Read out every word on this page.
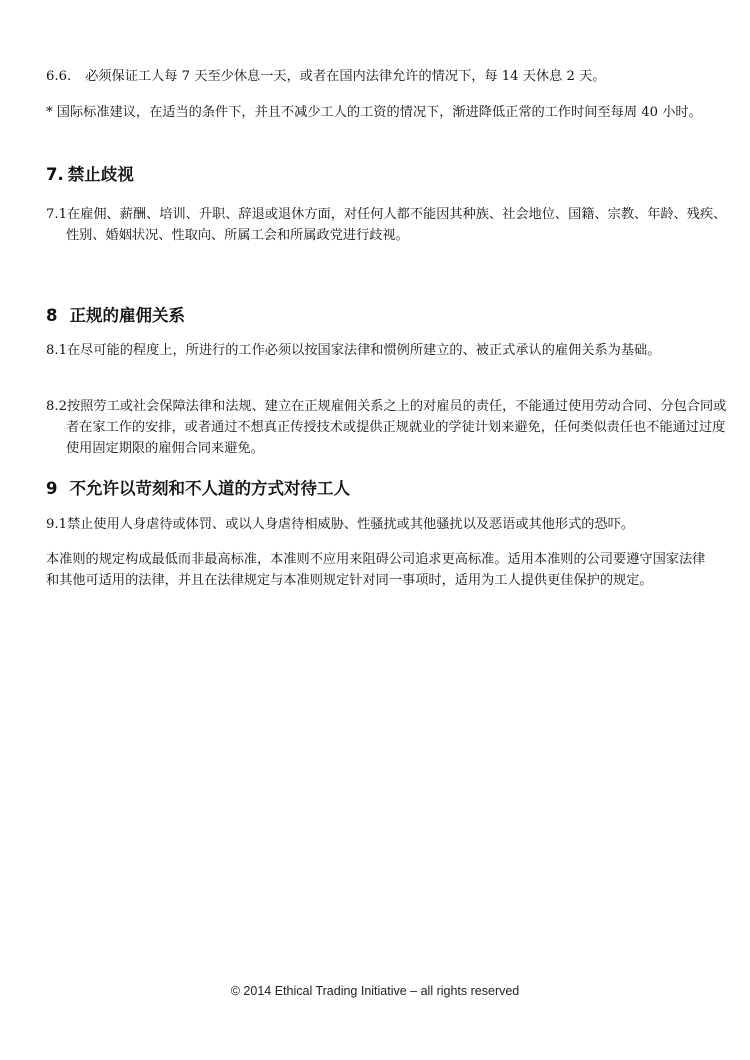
6.6. 必须保证工人每 7 天至少休息一天，或者在国内法律允许的情况下，每 14 天休息 2 天。
* 国际标准建议，在适当的条件下，并且不减少工人的工资的情况下，渐进降低正常的工作时间至每周 40 小时。
7. 禁止歧视
7.1在雇佣、薪酬、培训、升职、辞退或退休方面，对任何人都不能因其种族、社会地位、国籍、宗教、年龄、残疾、性别、婚姻状况、性取向、所属工会和所属政党进行歧视。
8 正规的雇佣关系
8.1在尽可能的程度上，所进行的工作必须以按国家法律和惯例所建立的、被正式承认的雇佣关系为基础。
8.2按照劳工或社会保障法律和法规、建立在正规雇佣关系之上的对雇员的责任，不能通过使用劳动合同、分包合同或者在家工作的安排，或者通过不想真正传授技术或提供正规就业的学徒计划来避免，任何类似责任也不能通过过度使用固定期限的雇佣合同来避免。
9 不允许以苛刻和不人道的方式对待工人
9.1禁止使用人身虐待或体罚、或以人身虐待相威胁、性骚扰或其他骚扰以及恶语或其他形式的恐吓。
本准则的规定构成最低而非最高标准，本准则不应用来阻碍公司追求更高标准。适用本准则的公司要遵守国家法律和其他可适用的法律，并且在法律规定与本准则规定针对同一事项时，适用为工人提供更佳保护的规定。
© 2014 Ethical Trading Initiative – all rights reserved
